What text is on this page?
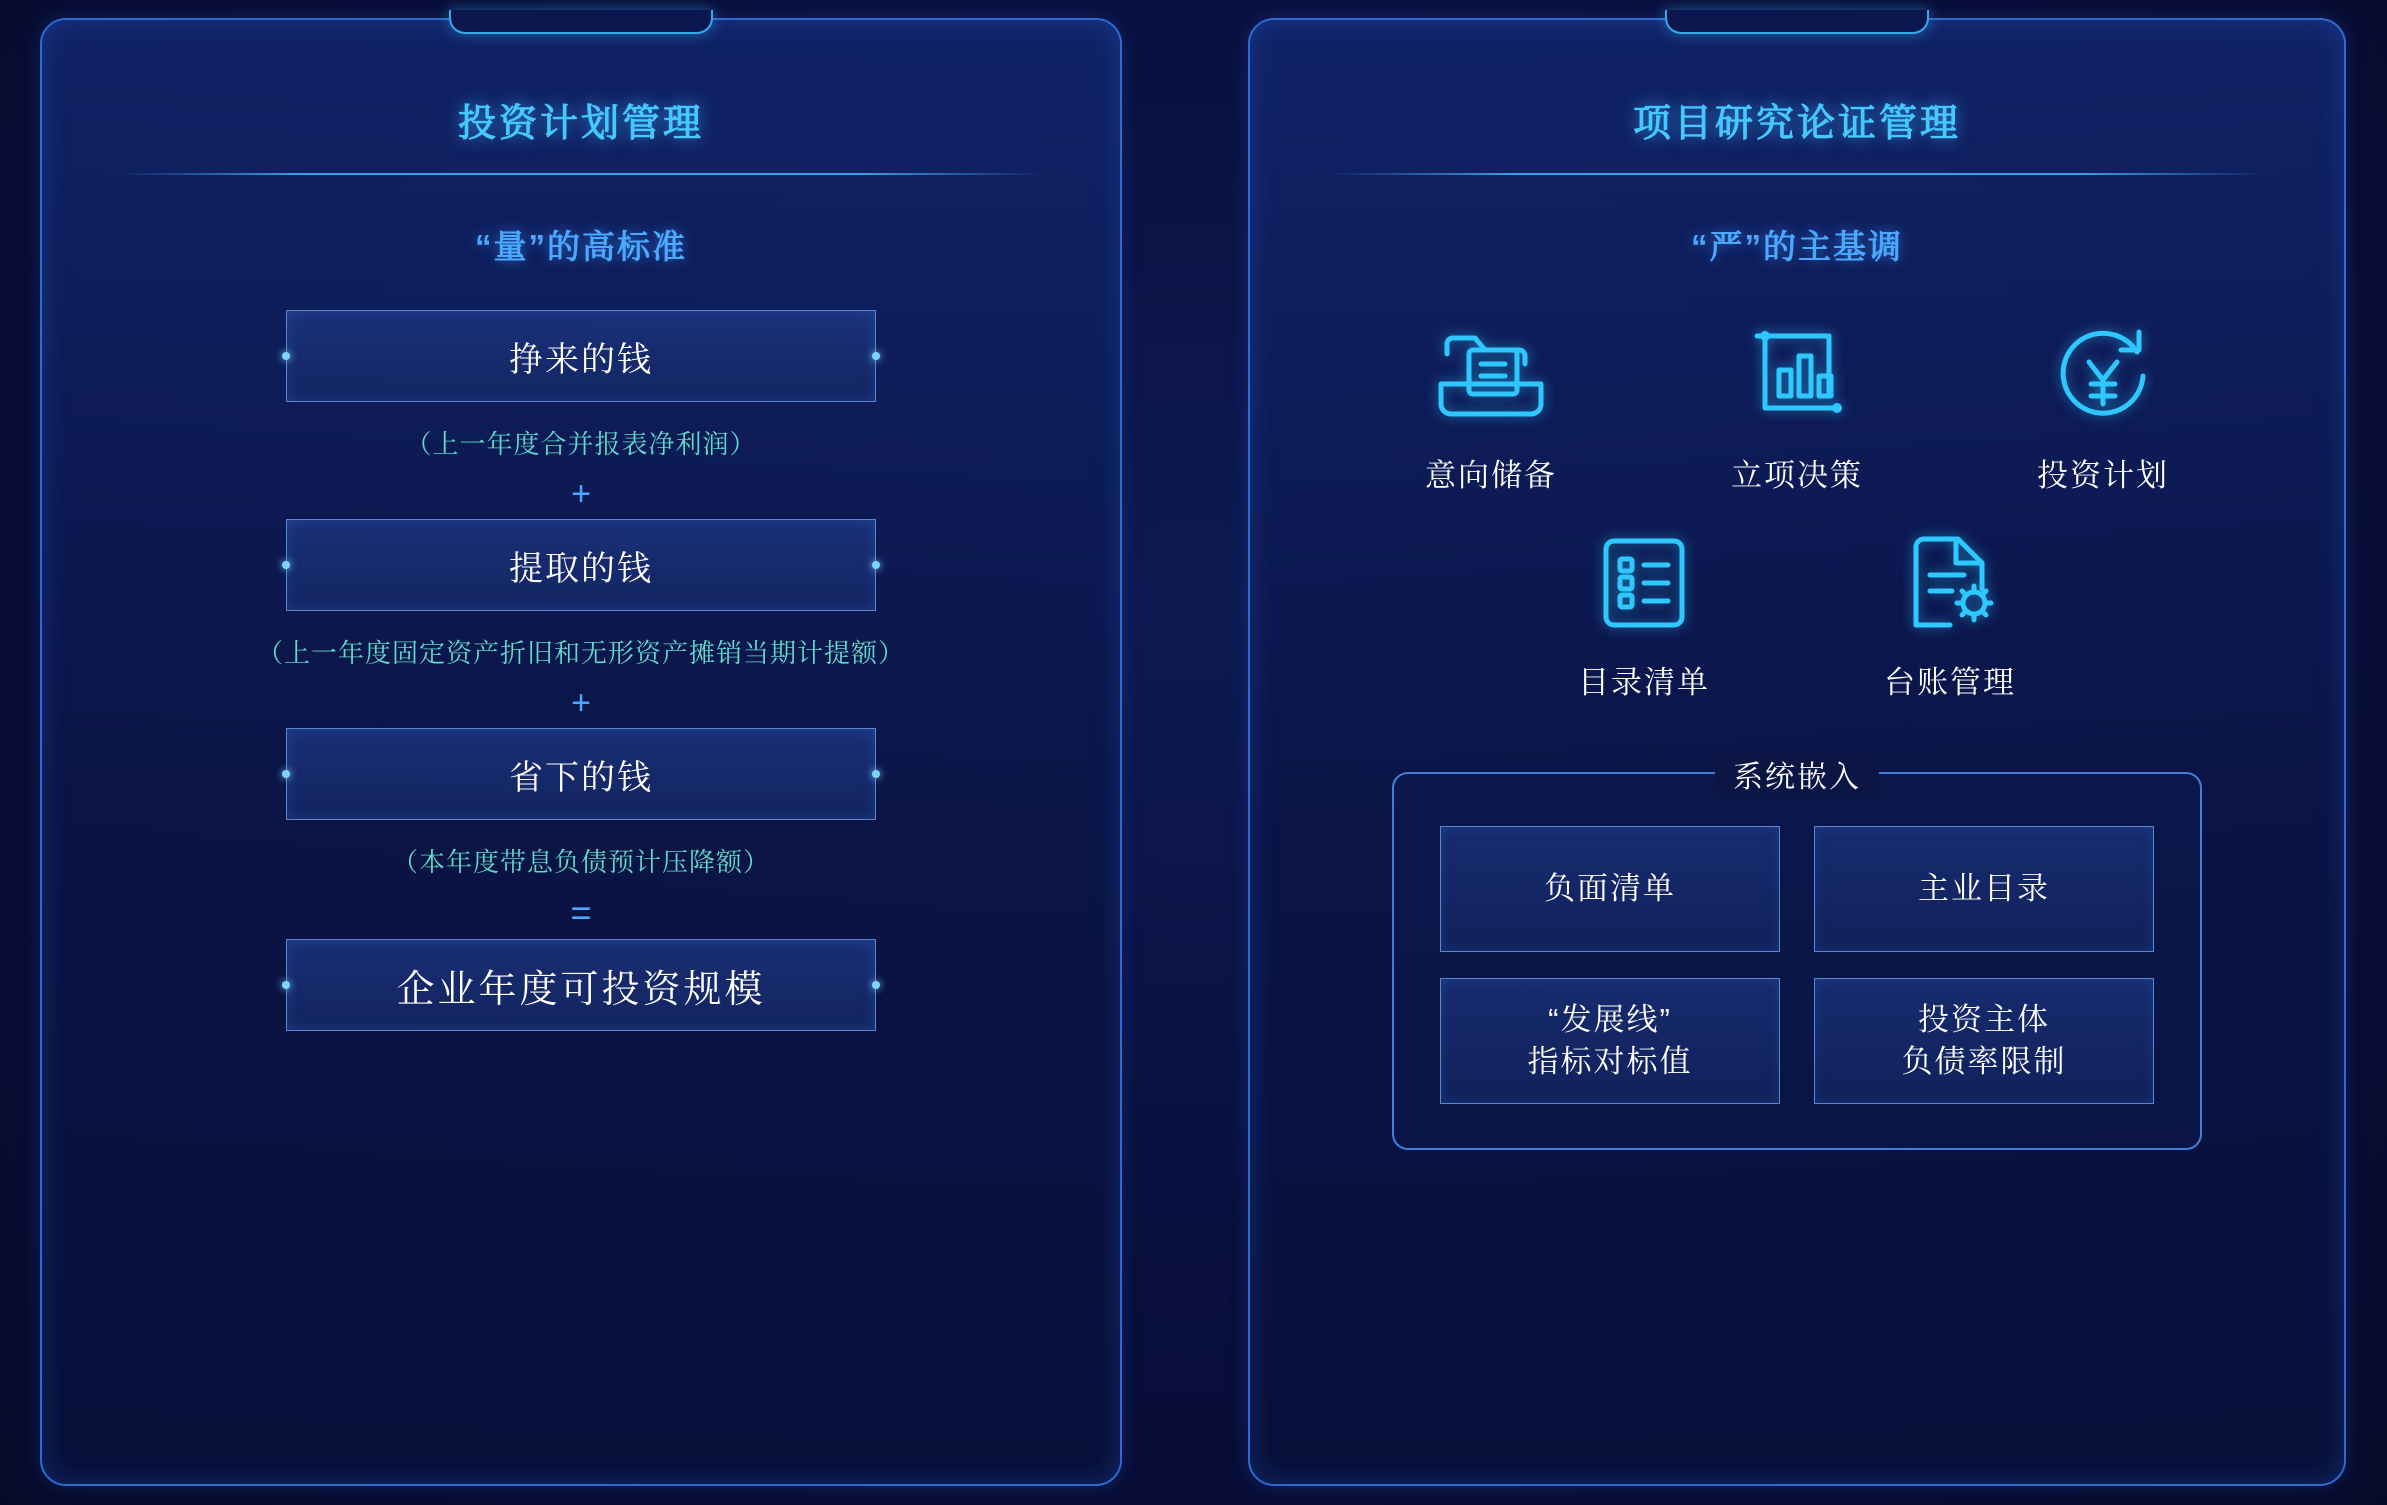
投资计划管理
“量”的高标准
挣来的钱
（上一年度合并报表净利润）
+
提取的钱
（上一年度固定资产折旧和无形资产摊销当期计提额）
+
省下的钱
（本年度带息负债预计压降额）
=
企业年度可投资规模
项目研究论证管理
“严”的主基调
意向储备	立项决策	投资计划
目录清单	台账管理
系统嵌入
负面清单	主业目录
“发展线”
指标对标值
投资主体
负债率限制
